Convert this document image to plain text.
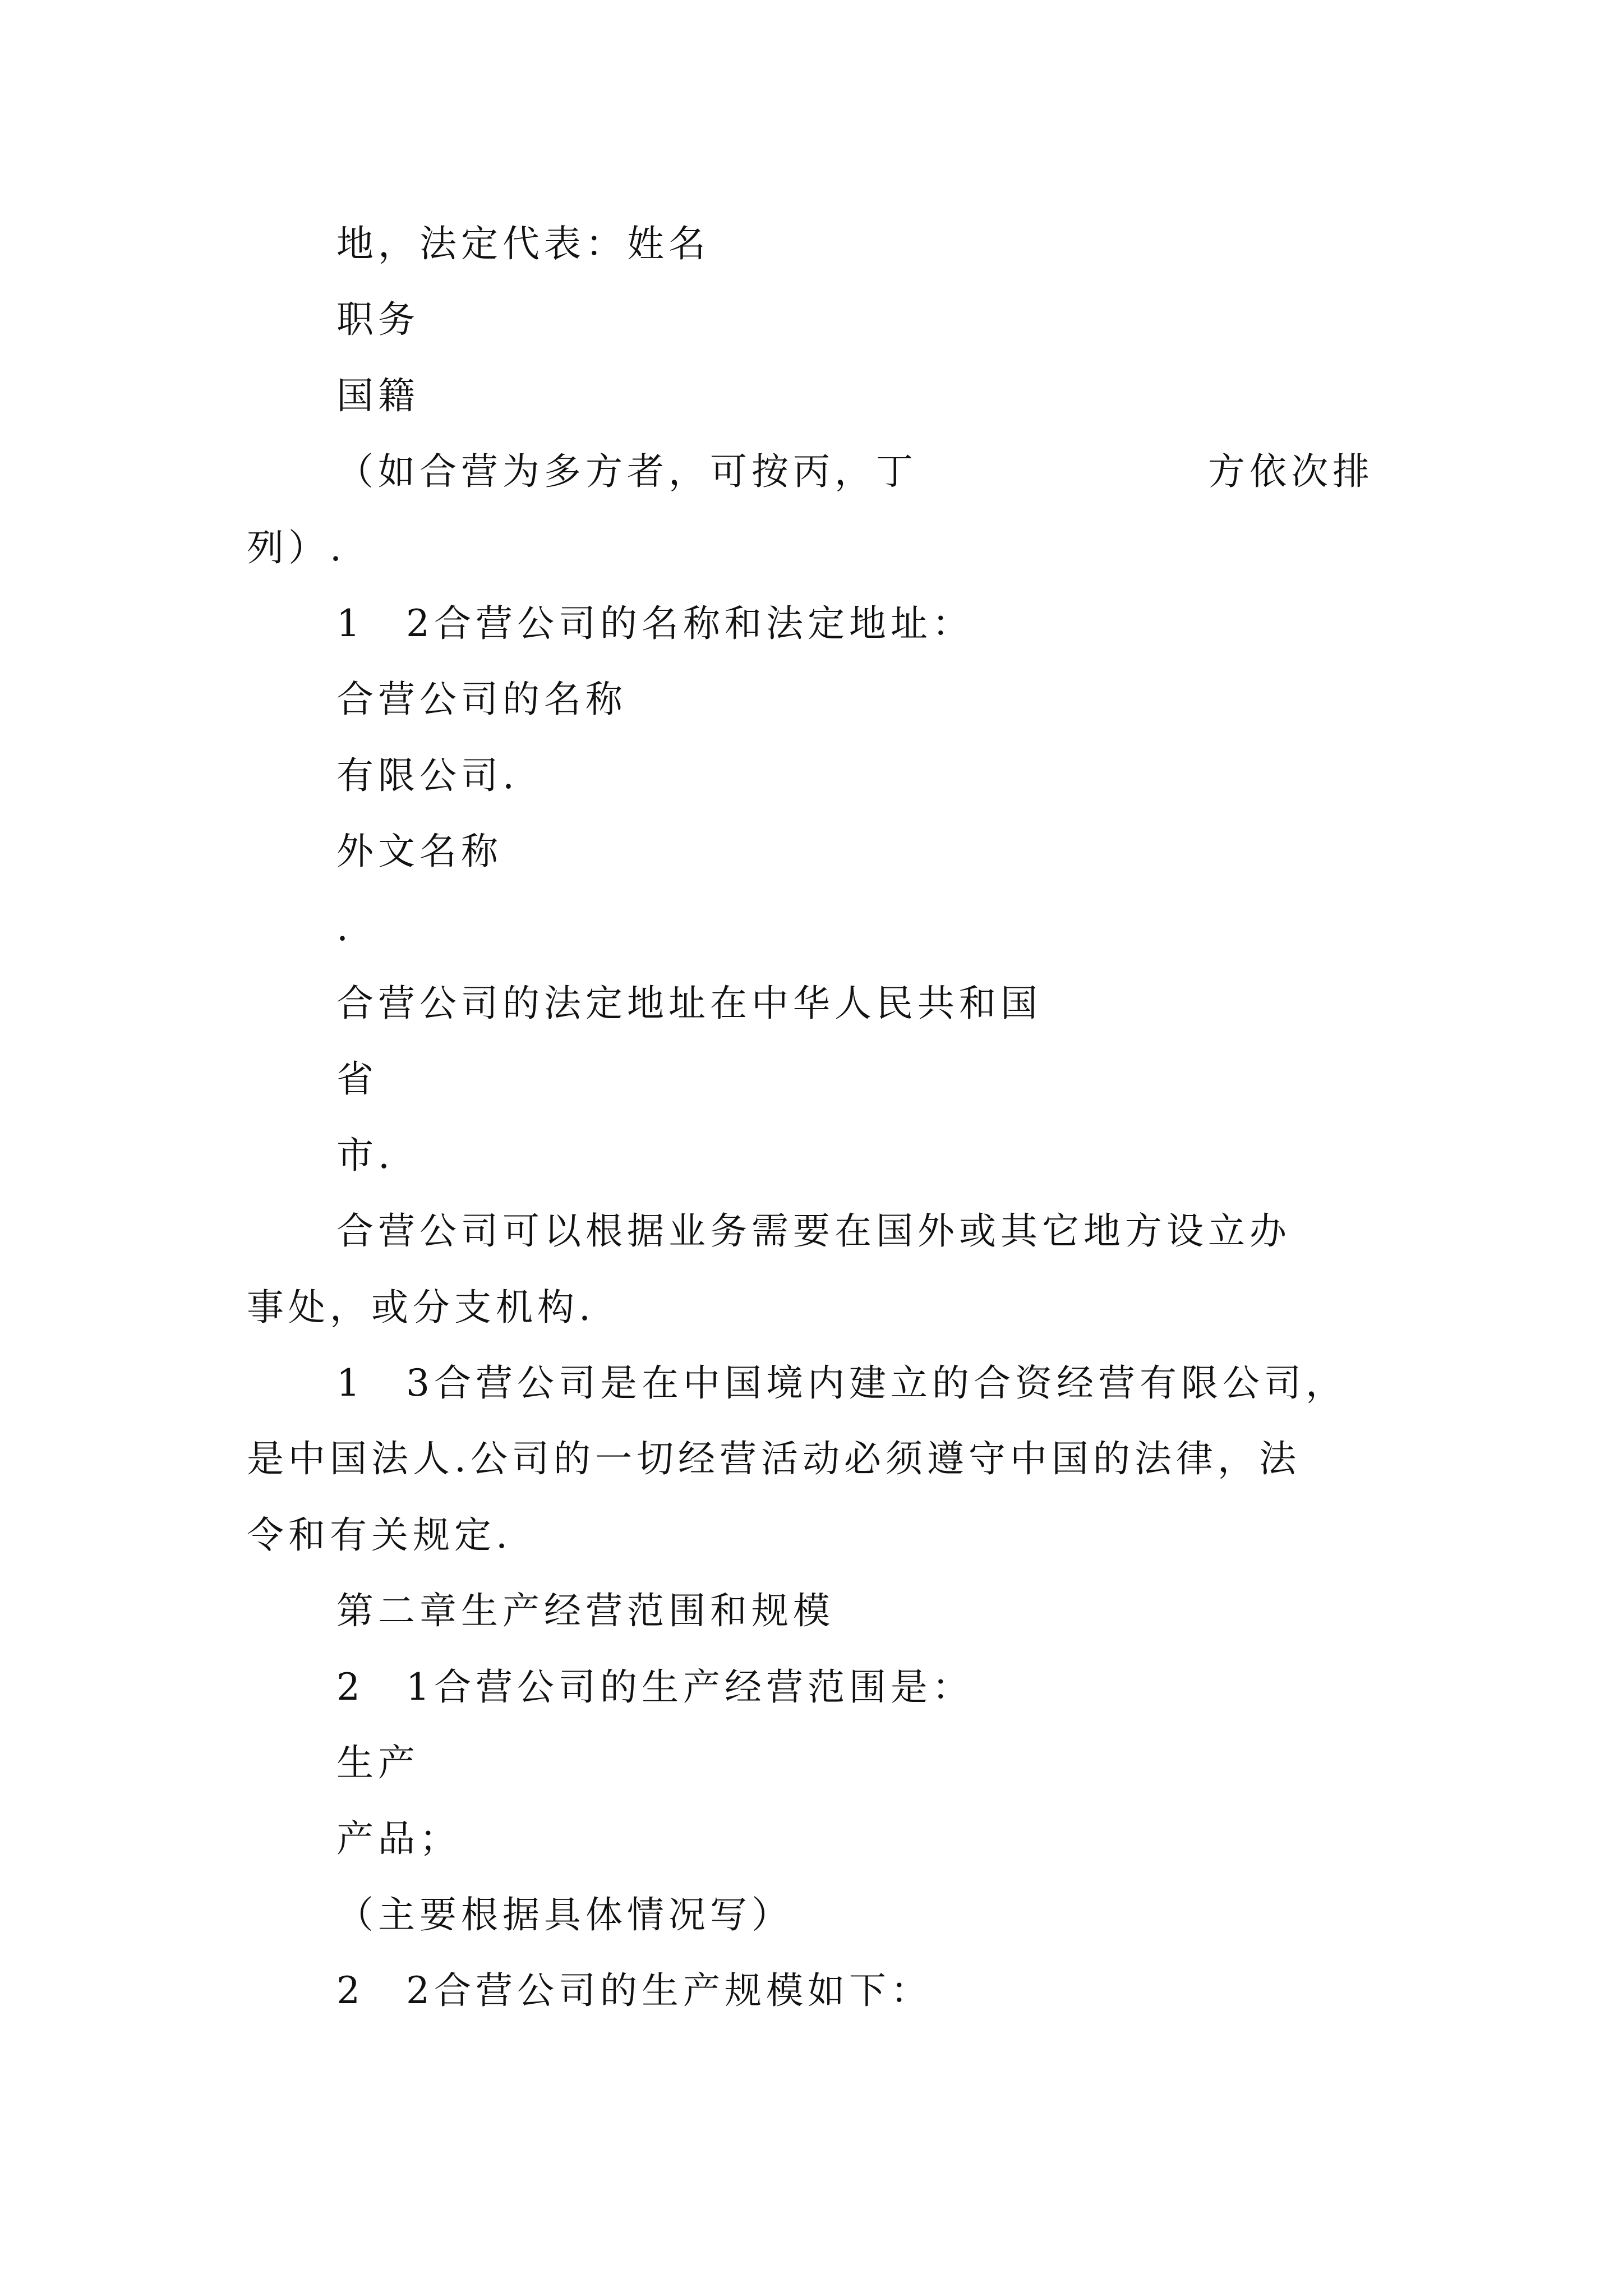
地，法定代表：姓名

职务

国籍

（如合营为多方者，可按丙，丁　　　　　　　方依次排

列）.

1　2合营公司的名称和法定地址：

合营公司的名称

有限公司.

外文名称

.

合营公司的法定地址在中华人民共和国

省

市.

合营公司可以根据业务需要在国外或其它地方设立办

事处，或分支机构.

1　3合营公司是在中国境内建立的合资经营有限公司，

是中国法人.公司的一切经营活动必须遵守中国的法律，法

令和有关规定.

第二章生产经营范围和规模

2　1合营公司的生产经营范围是：

生产

产品；

（主要根据具体情况写）

2　2合营公司的生产规模如下：
